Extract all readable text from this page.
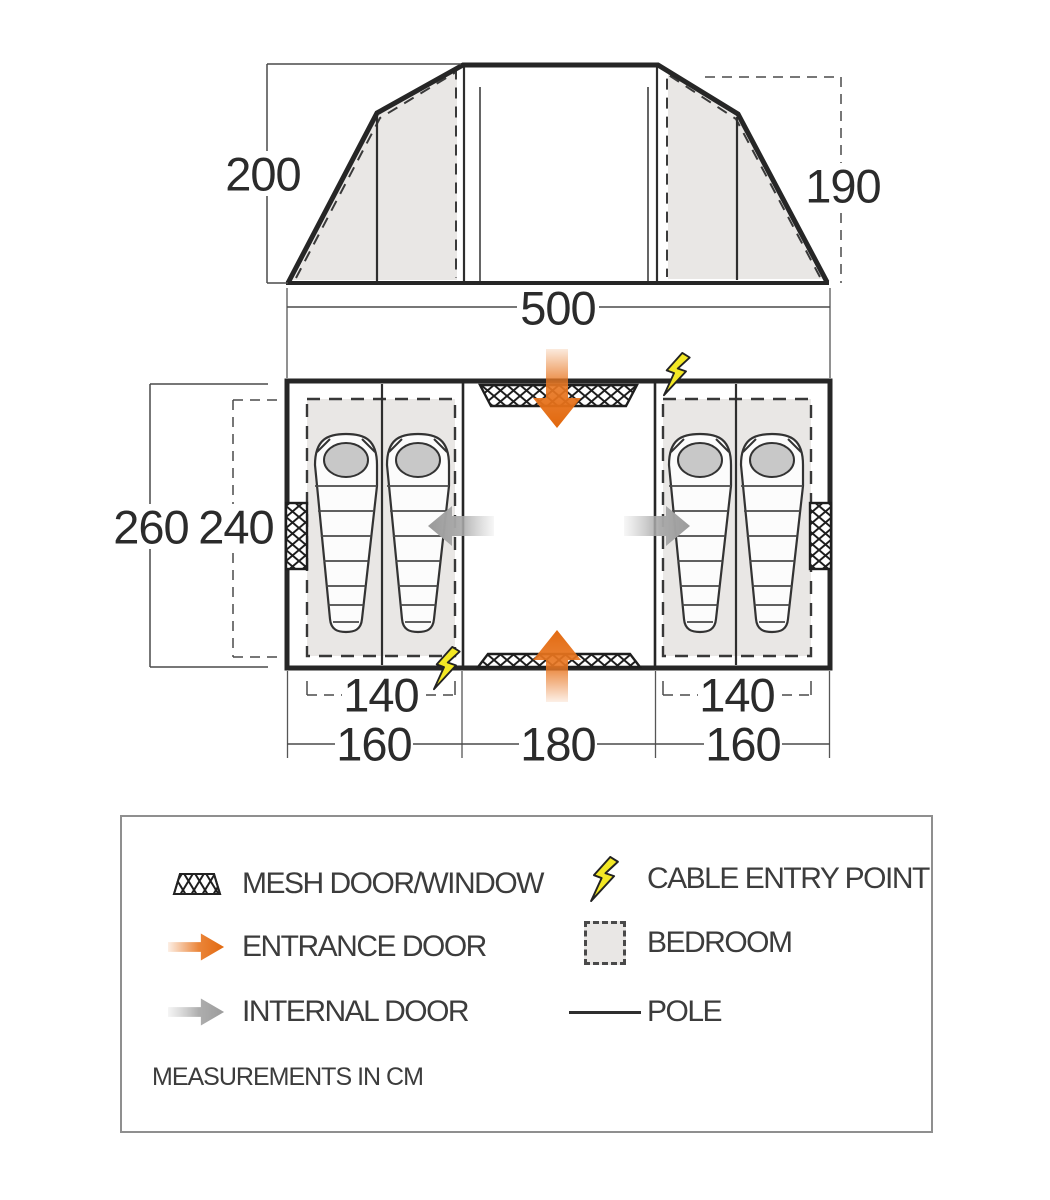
200	190
500
260 240
140	140
160 180 160
MESH DOOR/WINDOW	CABLE ENTRY POINT
ENTRANCE DOOR	BEDROOM
INTERNAL DOOR	POLE
MEASUREMENTS IN CM
